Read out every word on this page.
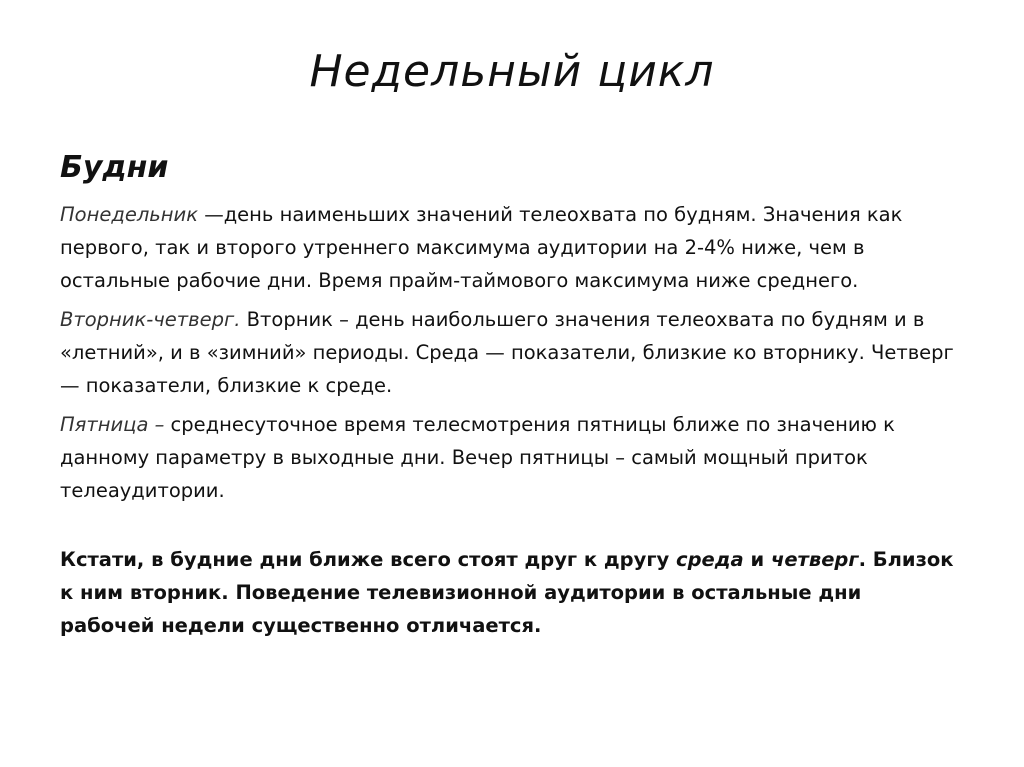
Недельный цикл
Будни

Понедельник —день наименьших значений телеохвата по будням. Значения как первого, так и второго утреннего максимума аудитории на 2-4% ниже, чем в остальные рабочие дни. Время прайм-таймового максимума ниже среднего.

Вторник-четверг. Вторник – день наибольшего значения телеохвата по будням и в «летний», и в «зимний» периоды. Среда — показатели, близкие ко вторнику. Четверг — показатели, близкие к среде.

Пятница – среднесуточное время телесмотрения пятницы ближе по значению к данному параметру в выходные дни. Вечер пятницы – самый мощный приток телеаудитории.

Кстати, в будние дни ближе всего стоят друг к другу среда и четверг. Близок к ним вторник. Поведение телевизионной аудитории в остальные дни рабочей недели существенно отличается.
